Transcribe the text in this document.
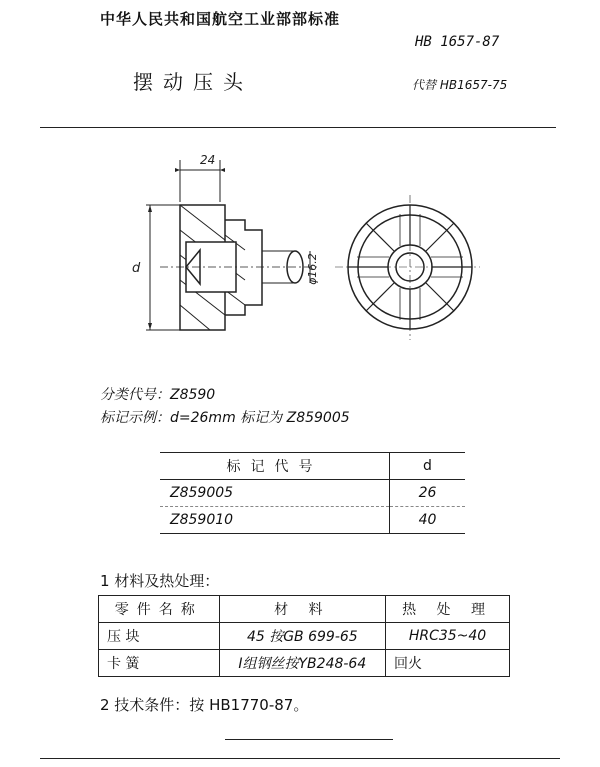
中华人民共和国航空工业部部标准
HB 1657-87
摆动压头	代替 HB1657-75
24
d	φ16.2
分类代号：Z8590
标记示例：d=26mm 标记为 Z859005
标记代号	d
Z859005	26
Z859010	40
1 材料及热处理：
零件名称	材 料	热 处 理
压 块	45 按GB 699-65	HRC35~40
卡 簧	Ⅰ组钢丝按YB248-64	回火
2 技术条件：按 HB1770-87。
